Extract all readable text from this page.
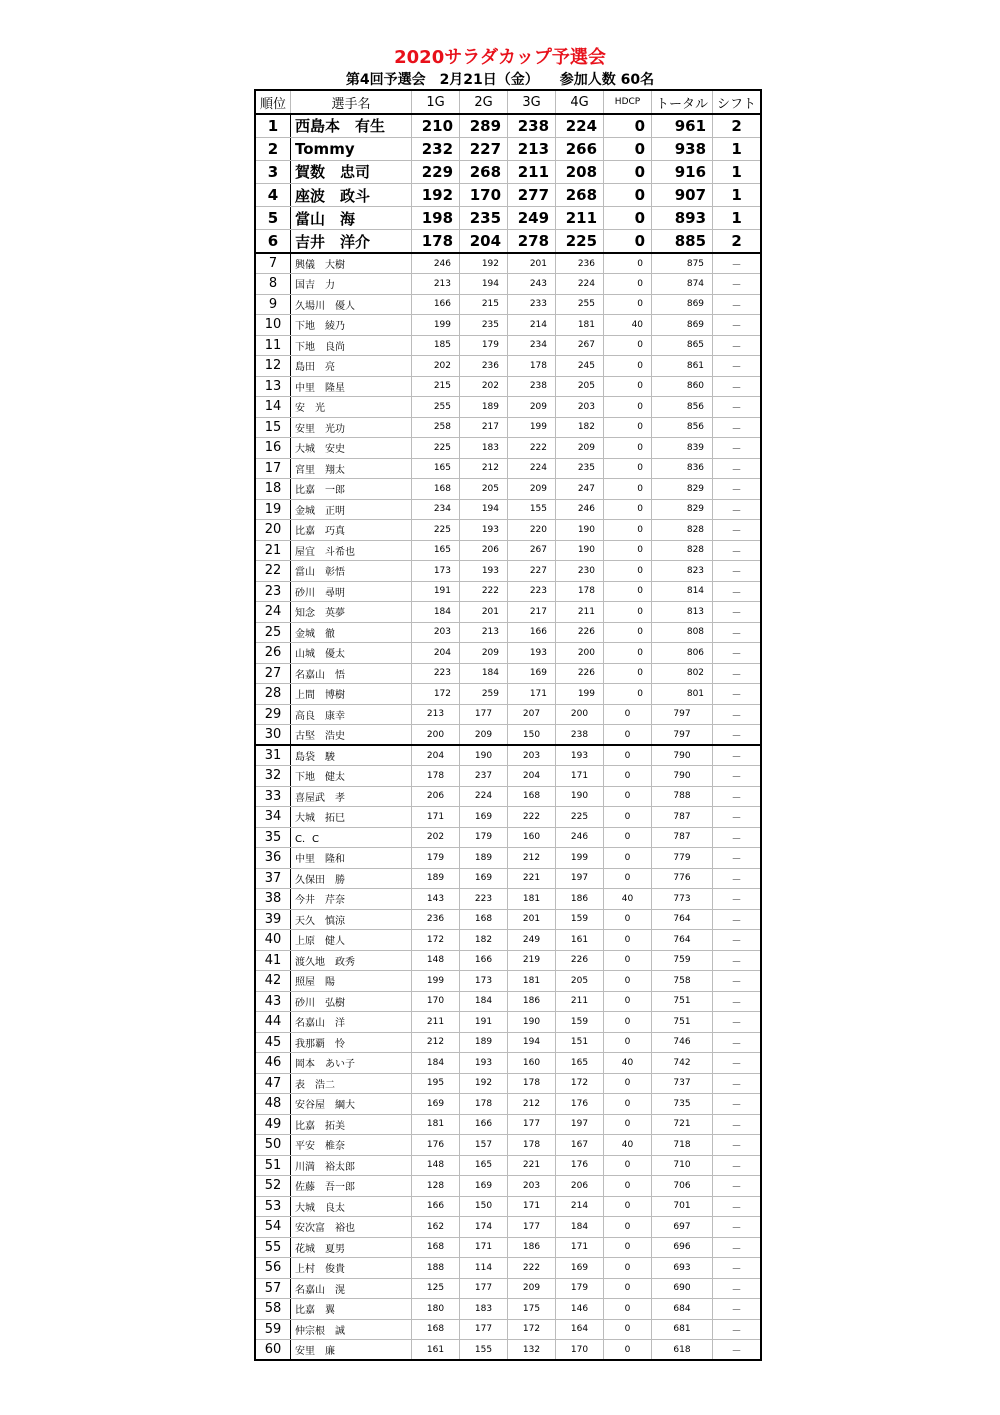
2020サラダカップ予選会
第4回予選会　2月21日（金）　　参加人数 60名
順位	選手名	1G	2G	3G	4G	HDCP	トータル	シフト
1	西島本　有生	210	289	238	224	0	961	2
2	Tommy	232	227	213	266	0	938	1
3	賀数　忠司	229	268	211	208	0	916	1
4	座波　政斗	192	170	277	268	0	907	1
5	當山　海	198	235	249	211	0	893	1
6	吉井　洋介	178	204	278	225	0	885	2
7	興儀　大樹	246	192	201	236	0	875	－
8	国吉　力	213	194	243	224	0	874	－
9	久場川　優人	166	215	233	255	0	869	－
10	下地　綾乃	199	235	214	181	40	869	－
11	下地　良尚	185	179	234	267	0	865	－
12	島田　亮	202	236	178	245	0	861	－
13	中里　隆星	215	202	238	205	0	860	－
14	安　光	255	189	209	203	0	856	－
15	安里　光功	258	217	199	182	0	856	－
16	大城　安史	225	183	222	209	0	839	－
17	宮里　翔太	165	212	224	235	0	836	－
18	比嘉　一郎	168	205	209	247	0	829	－
19	金城　正明	234	194	155	246	0	829	－
20	比嘉　巧真	225	193	220	190	0	828	－
21	屋宜　斗希也	165	206	267	190	0	828	－
22	當山　彰悟	173	193	227	230	0	823	－
23	砂川　尋明	191	222	223	178	0	814	－
24	知念　英夢	184	201	217	211	0	813	－
25	金城　徹	203	213	166	226	0	808	－
26	山城　優太	204	209	193	200	0	806	－
27	名嘉山　悟	223	184	169	226	0	802	－
28	上間　博樹	172	259	171	199	0	801	－
29	高良　康幸	213	177	207	200	0	797	－
30	古堅　浩史	200	209	150	238	0	797	－
31	島袋　駿	204	190	203	193	0	790	－
32	下地　健太	178	237	204	171	0	790	－
33	喜屋武　孝	206	224	168	190	0	788	－
34	大城　拓巳	171	169	222	225	0	787	－
35	C．C	202	179	160	246	0	787	－
36	中里　隆和	179	189	212	199	0	779	－
37	久保田　勝	189	169	221	197	0	776	－
38	今井　芹奈	143	223	181	186	40	773	－
39	天久　慎涼	236	168	201	159	0	764	－
40	上原　健人	172	182	249	161	0	764	－
41	渡久地　政秀	148	166	219	226	0	759	－
42	照屋　陽	199	173	181	205	0	758	－
43	砂川　弘樹	170	184	186	211	0	751	－
44	名嘉山　洋	211	191	190	159	0	751	－
45	我那覇　怜	212	189	194	151	0	746	－
46	岡本　あい子	184	193	160	165	40	742	－
47	表　浩二	195	192	178	172	0	737	－
48	安谷屋　綱大	169	178	212	176	0	735	－
49	比嘉　拓美	181	166	177	197	0	721	－
50	平安　椎奈	176	157	178	167	40	718	－
51	川満　裕太郎	148	165	221	176	0	710	－
52	佐藤　吾一郎	128	169	203	206	0	706	－
53	大城　良太	166	150	171	214	0	701	－
54	安次富　裕也	162	174	177	184	0	697	－
55	花城　夏男	168	171	186	171	0	696	－
56	上村　俊貴	188	114	222	169	0	693	－
57	名嘉山　滉	125	177	209	179	0	690	－
58	比嘉　翼	180	183	175	146	0	684	－
59	仲宗根　誠	168	177	172	164	0	681	－
60	安里　廉	161	155	132	170	0	618	－
